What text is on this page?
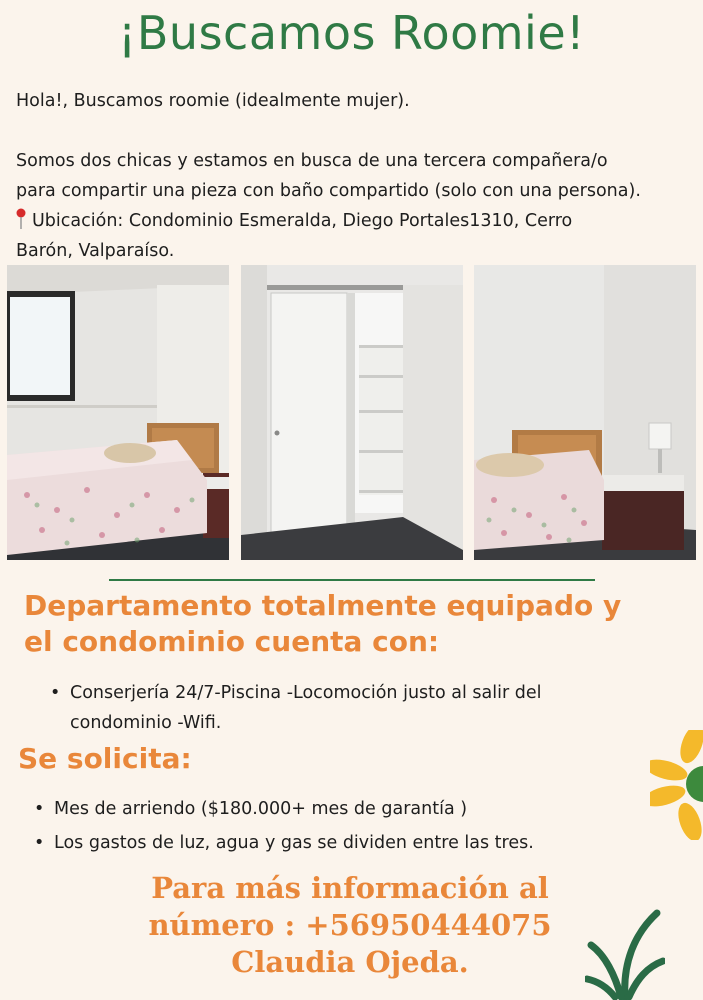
¡Buscamos Roomie!

Hola!, Buscamos roomie (idealmente mujer).

Somos dos chicas y estamos en busca de una tercera compañera/o

para compartir una pieza con baño compartido (solo con una persona).

Ubicación: Condominio Esmeralda, Diego Portales1310, Cerro

Barón, Valparaíso.

Departamento totalmente equipado y
el condominio cuenta con:
• Conserjería 24/7-Piscina -Locomoción justo al salir del
condominio -Wifi.
Se solicita:
• Mes de arriendo ($180.000+ mes de garantía )
• Los gastos de luz, agua y gas se dividen entre las tres.
Para más información al
número : +56950444075
Claudia Ojeda.
